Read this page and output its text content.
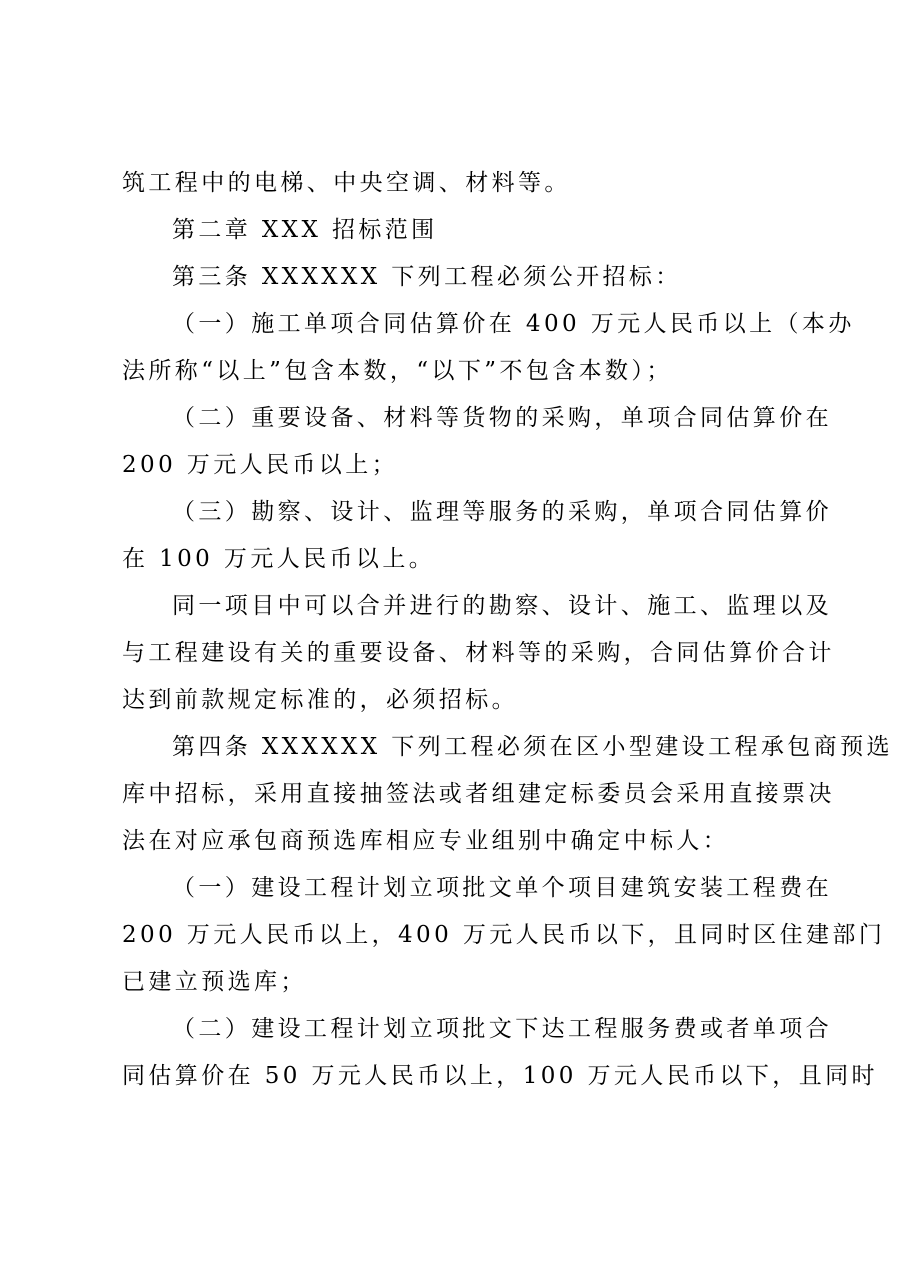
筑工程中的电梯、中央空调、材料等。
第二章 XXX 招标范围
第三条 XXXXXX 下列工程必须公开招标：
（一）施工单项合同估算价在 400 万元人民币以上（本办
法所称“以上”包含本数，“以下”不包含本数）；
（二）重要设备、材料等货物的采购，单项合同估算价在
200 万元人民币以上；
（三）勘察、设计、监理等服务的采购，单项合同估算价
在 100 万元人民币以上。
同一项目中可以合并进行的勘察、设计、施工、监理以及
与工程建设有关的重要设备、材料等的采购，合同估算价合计
达到前款规定标准的，必须招标。
第四条 XXXXXX 下列工程必须在区小型建设工程承包商预选
库中招标，采用直接抽签法或者组建定标委员会采用直接票决
法在对应承包商预选库相应专业组别中确定中标人：
（一）建设工程计划立项批文单个项目建筑安装工程费在
200 万元人民币以上，400 万元人民币以下，且同时区住建部门
已建立预选库；
（二）建设工程计划立项批文下达工程服务费或者单项合
同估算价在 50 万元人民币以上，100 万元人民币以下，且同时
